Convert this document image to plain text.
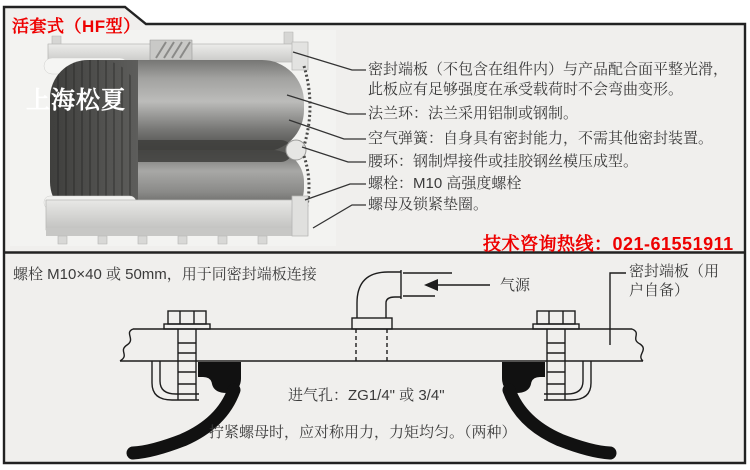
活套式（HF型）
上海松夏
密封端板（不包含在组件内）与产品配合面平整光滑，
此板应有足够强度在承受载荷时不会弯曲变形。
法兰环：法兰采用铝制或钢制。
空气弹簧：自身具有密封能力，不需其他密封装置。
腰环：钢制焊接件或挂胶钢丝模压成型。
螺栓：M10 高强度螺栓
螺母及锁紧垫圈。
技术咨询热线：021-61551911
螺栓 M10×40 或 50mm，用于同密封端板连接
气源
密封端板（用
户自备）
进气孔：ZG1/4" 或 3/4"
拧紧螺母时，应对称用力，力矩均匀。（两种）
